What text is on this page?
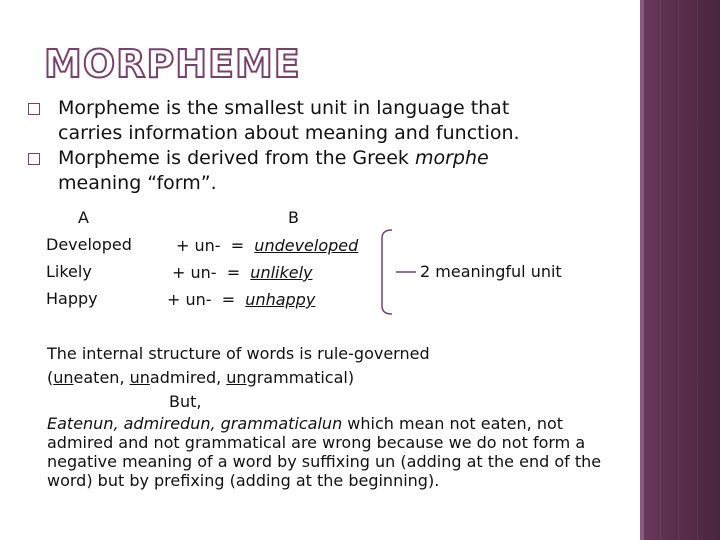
MORPHEME

Morpheme is the smallest unit in language that
carries information about meaning and function.

Morpheme is derived from the Greek morphe
meaning “form”.

A
Developed
Likely
Happy
B
+ un- = undeveloped
+ un- = unlikely
+ un- = unhappy
2 meaningful unit
The internal structure of words is rule-governed
(uneaten, unadmired, ungrammatical)
But,
Eatenun, admiredun, grammaticalun which mean not eaten, not admired and not grammatical are wrong because we do not form a negative meaning of a word by suffixing un (adding at the end of the word) but by prefixing (adding at the beginning).
